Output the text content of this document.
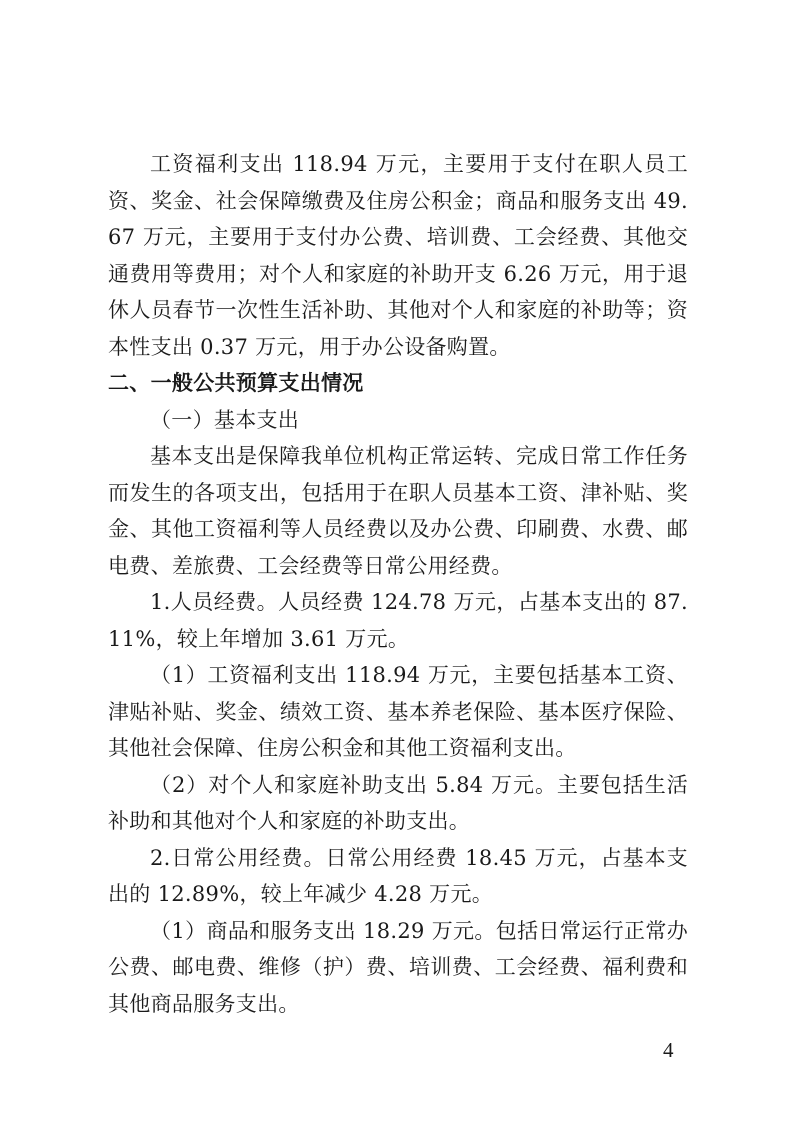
工资福利支出 118.94 万元，主要用于支付在职人员工资、奖金、社会保障缴费及住房公积金；商品和服务支出 49.67 万元，主要用于支付办公费、培训费、工会经费、其他交通费用等费用；对个人和家庭的补助开支 6.26 万元，用于退休人员春节一次性生活补助、其他对个人和家庭的补助等；资本性支出 0.37 万元，用于办公设备购置。

二、一般公共预算支出情况

（一）基本支出

基本支出是保障我单位机构正常运转、完成日常工作任务而发生的各项支出，包括用于在职人员基本工资、津补贴、奖金、其他工资福利等人员经费以及办公费、印刷费、水费、邮电费、差旅费、工会经费等日常公用经费。

1.人员经费。人员经费 124.78 万元，占基本支出的 87.11%，较上年增加 3.61 万元。

（1）工资福利支出 118.94 万元，主要包括基本工资、津贴补贴、奖金、绩效工资、基本养老保险、基本医疗保险、其他社会保障、住房公积金和其他工资福利支出。

（2）对个人和家庭补助支出 5.84 万元。主要包括生活补助和其他对个人和家庭的补助支出。

2.日常公用经费。日常公用经费 18.45 万元，占基本支出的 12.89%，较上年减少 4.28 万元。

（1）商品和服务支出 18.29 万元。包括日常运行正常办公费、邮电费、维修（护）费、培训费、工会经费、福利费和其他商品服务支出。

4
